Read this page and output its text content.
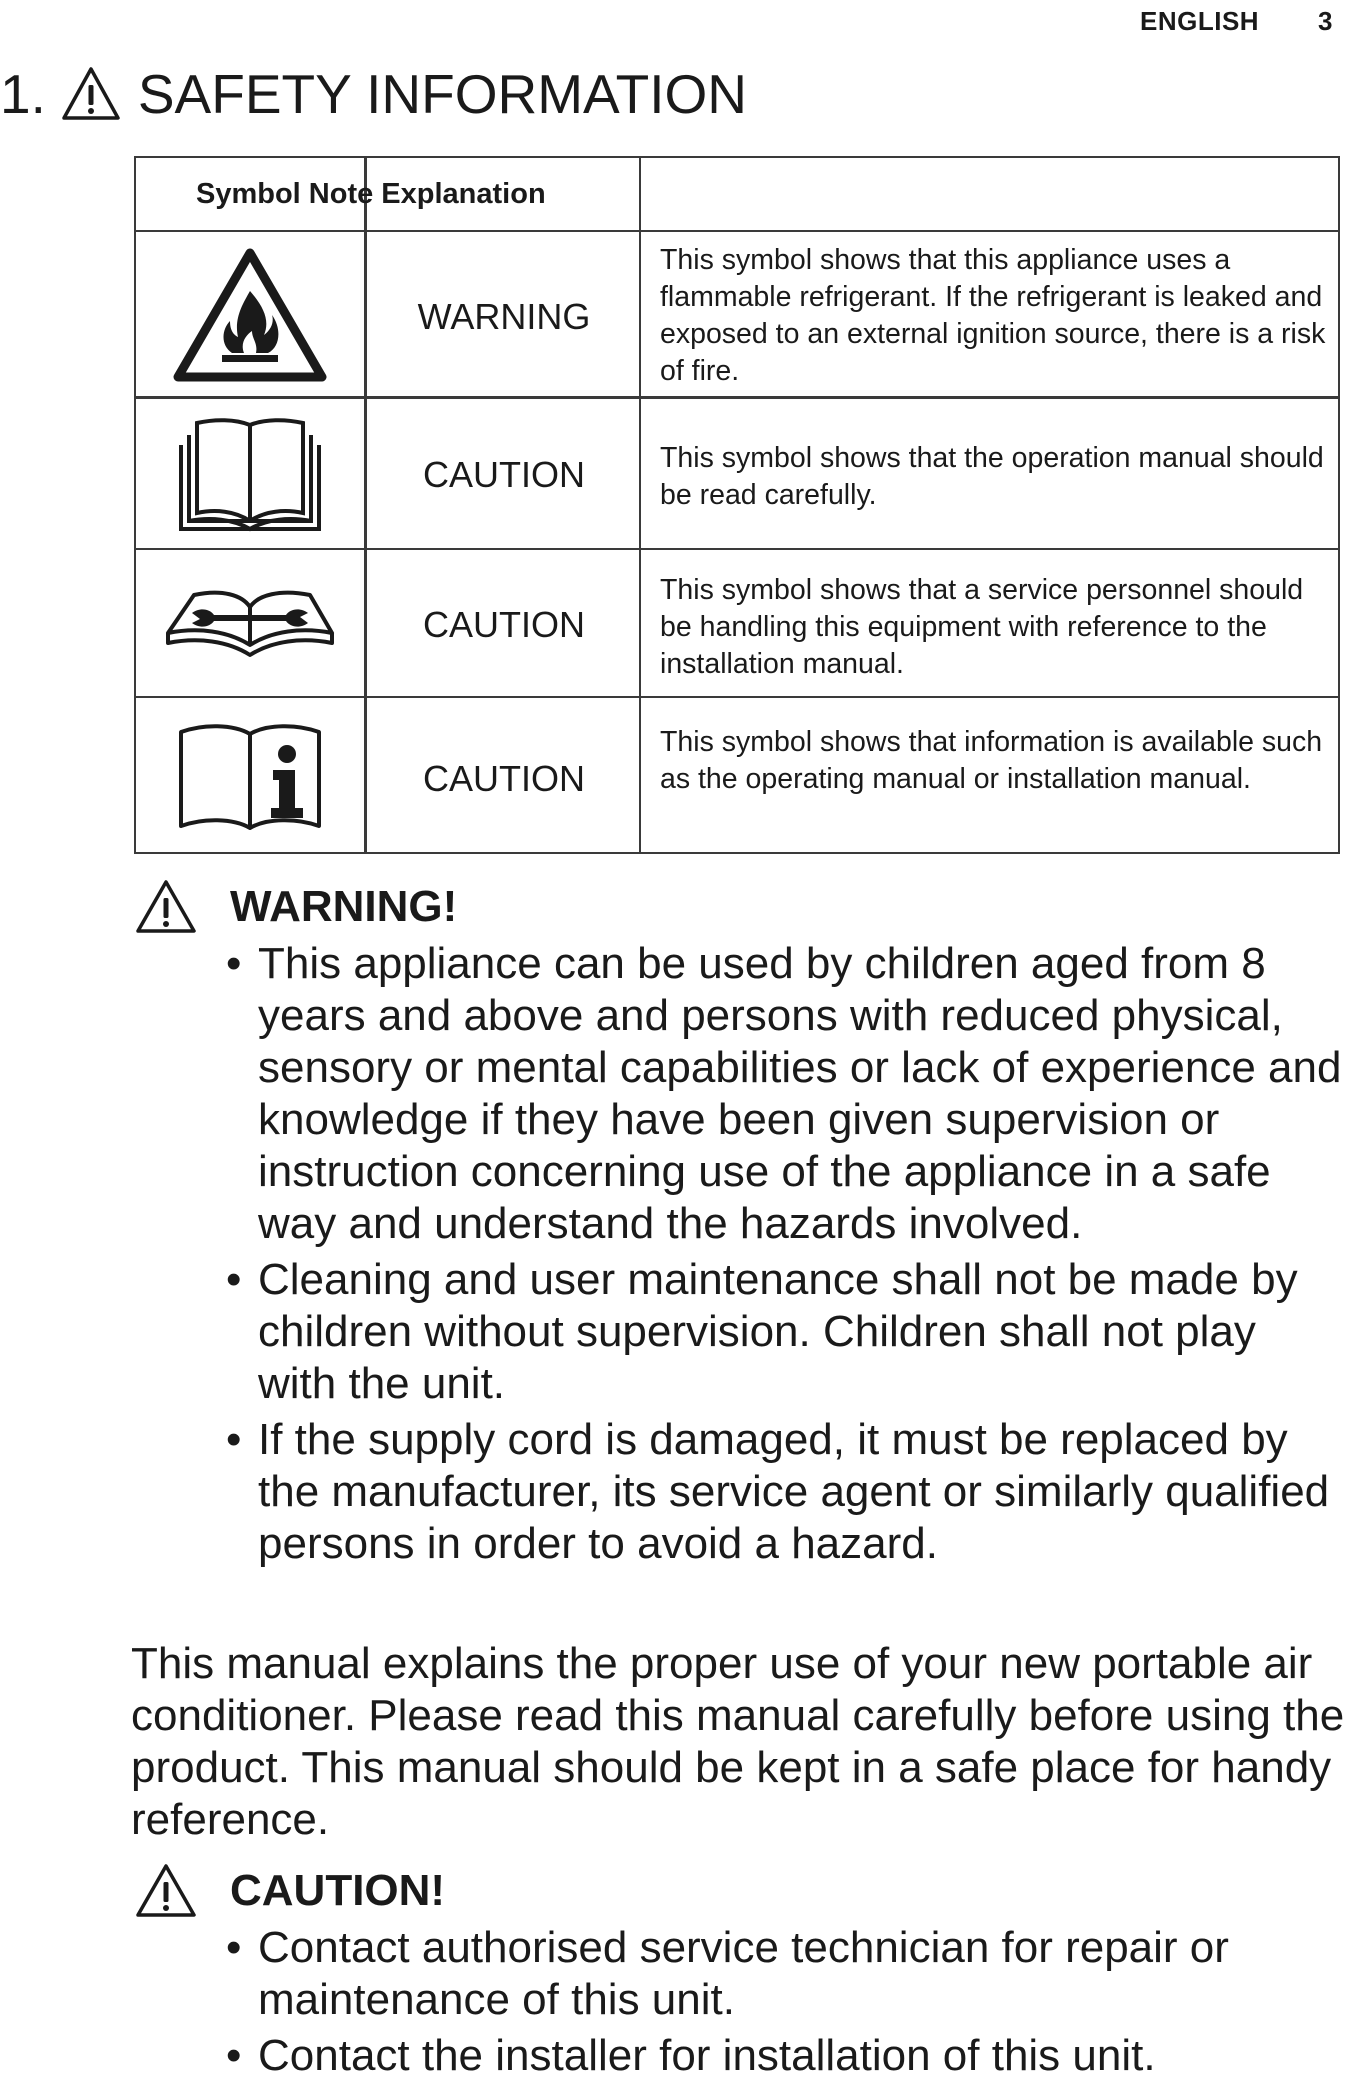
ENGLISH 3
1. SAFETY INFORMATION
Symbol Note Explanation
WARNING
This symbol shows that this appliance uses a flammable refrigerant. If the refrigerant is leaked and exposed to an external ignition source, there is a risk of fire.
CAUTION	This symbol shows that the operation manual should be read carefully.
CAUTION
This symbol shows that a service personnel should be handling this equipment with reference to the installation manual.
CAUTION
This symbol shows that information is available such as the operating manual or installation manual.
WARNING!
• This appliance can be used by children aged from 8 years and above and persons with reduced physical, sensory or mental capabilities or lack of experience and knowledge if they have been given supervision or instruction concerning use of the appliance in a safe way and understand the hazards involved.
• Cleaning and user maintenance shall not be made by children without supervision. Children shall not play with the unit.
• If the supply cord is damaged, it must be replaced by the manufacturer, its service agent or similarly qualified persons in order to avoid a hazard.

This manual explains the proper use of your new portable air conditioner. Please read this manual carefully before using the product. This manual should be kept in a safe place for handy reference.

CAUTION!
• Contact authorised service technician for repair or maintenance of this unit.
• Contact the installer for installation of this unit.
